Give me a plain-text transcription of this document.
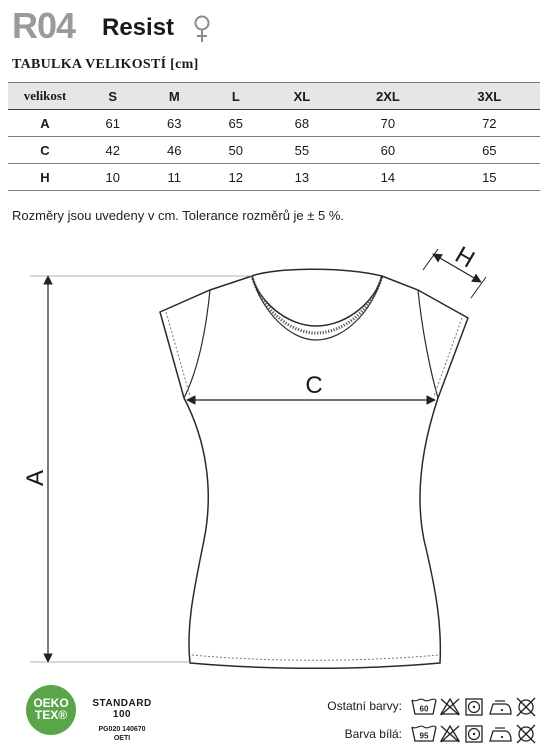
R04 Resist
TABULKA VELIKOSTÍ [cm]
velikost	S	M	L	XL	2XL	3XL
A	61	63	65	68	70	72
C	42	46	50	55	60	65
H	10	11	12	13	14	15
Rozměry jsou uvedeny v cm. Tolerance rozměrů je ± 5 %.
A
C
H
OEKO
TEX®
STANDARD
100
PG020 140670
OETI
Ostatní barvy:
Barva bílá:
60
95
